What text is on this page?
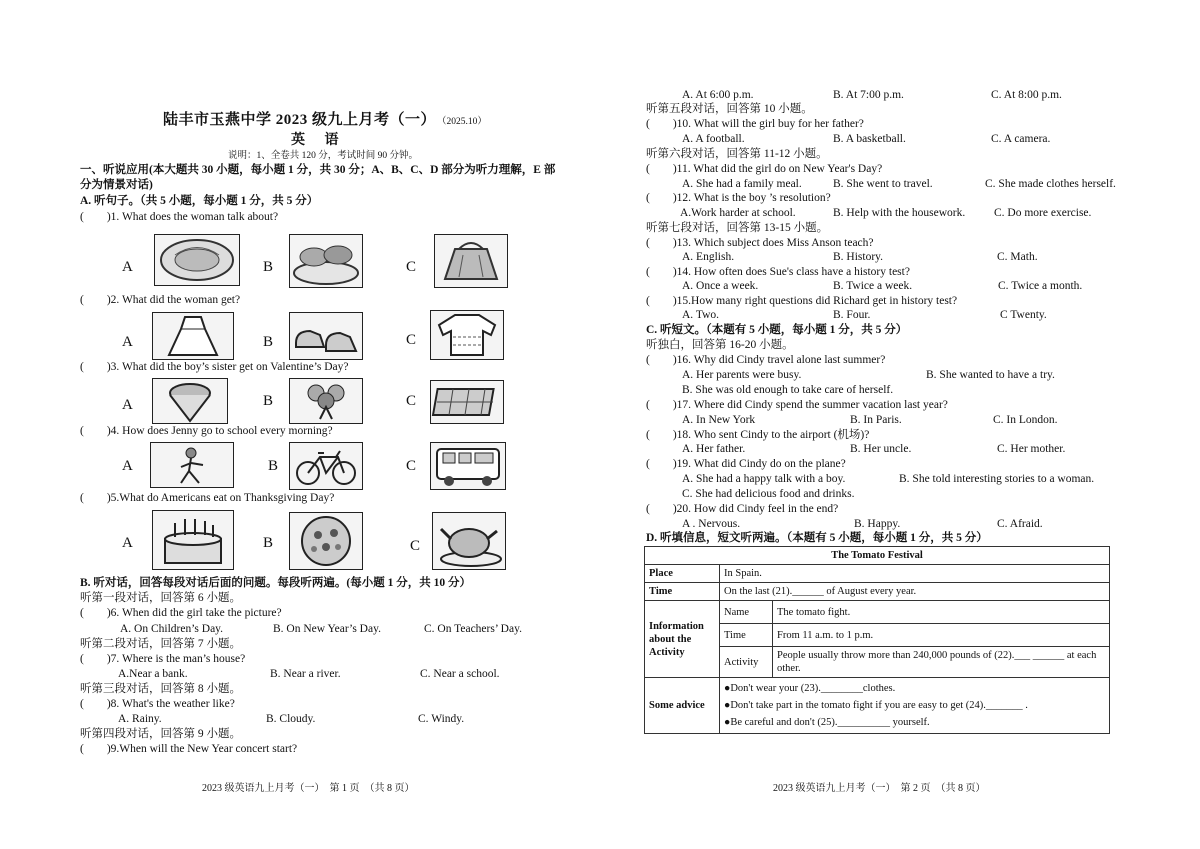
陆丰市玉燕中学 2023 级九上月考（一） （2025.10）
英 语
说明：1、全卷共 120 分，考试时间 90 分钟。
一、听说应用(本大题共 30 小题，每小题 1 分，共 30 分；A、B、C、D 部分为听力理解，E 部
分为情景对话)
A. 听句子。（共 5 小题，每小题 1 分，共 5 分）
(　　)1. What does the woman talk about?
A	B	C
(　　)2. What did the woman get?
A	B	C
(　　)3. What did the boy’s sister get on Valentine’s Day?
A	B	C
(　　)4. How does Jenny go to school every morning?
A	B	C
(　　)5.What do Americans eat on Thanksgiving Day?
A	B	C
B. 听对话，回答每段对话后面的问题。每段听两遍。(每小题 1 分，共 10 分）
听第一段对话，回答第 6 小题。
(　　)6. When did the girl take the picture?
A. On Children’s Day.	B. On New Year’s Day.	C. On Teachers’ Day.
听第二段对话，回答第 7 小题。
(　　)7. Where is the man’s house?
A.Near a bank.	B. Near a river.	C. Near a school.
听第三段对话，回答第 8 小题。
(　　)8. What's the weather like?
A. Rainy.	B. Cloudy.	C. Windy.
听第四段对话，回答第 9 小题。
(　　)9.When will the New Year concert start?
2023 级英语九上月考（一）　第 1 页　（共 8 页）
A. At 6:00 p.m.	B. At 7:00 p.m.	C. At 8:00 p.m.
听第五段对话，回答第 10 小题。
(　　)10. What will the girl buy for her father?
A. A football.	B. A basketball.	C. A camera.
听第六段对话，回答第 11-12 小题。
(　　)11. What did the girl do on New Year's Day?
A. She had a family meal.	B. She went to travel.	C. She made clothes herself.
(　　)12. What is the boy ’s resolution?
A.Work harder at school.	B. Help with the housework.	C. Do more exercise.
听第七段对话，回答第 13-15 小题。
(　　)13. Which subject does Miss Anson teach?
A. English.	B. History.	C. Math.
(　　)14. How often does Sue's class have a history test?
A. Once a week.	B. Twice a week.	C. Twice a month.
(　　)15.How many right questions did Richard get in history test?
A. Two.	B. Four.	C Twenty.
C. 听短文。（本题有 5 小题，每小题 1 分，共 5 分）
听独白，回答第 16-20 小题。
(　　)16. Why did Cindy travel alone last summer?
A. Her parents were busy.	B. She wanted to have a try.
B. She was old enough to take care of herself.
(　　)17. Where did Cindy spend the summer vacation last year?
A. In New York	B. In Paris.	C. In London.
(　　)18. Who sent Cindy to the airport (机场)?
A. Her father.	B. Her uncle.	C. Her mother.
(　　)19. What did Cindy do on the plane?
A. She had a happy talk with a boy.	B. She told interesting stories to a woman.
C. She had delicious food and drinks.
(　　)20. How did Cindy feel in the end?
A . Nervous.	B. Happy.	C. Afraid.
D. 听填信息，短文听两遍。（本题有 5 小题，每小题 1 分，共 5 分）
The Tomato Festival		
Place	In Spain.	
Time	On the last (21).______ of August every year.	
Information about the Activity	Name	The tomato fight.
	Time	From 11 a.m. to 1 p.m.
	Activity	People usually throw more than 240,000 pounds of (22).___ ______ at each other.
Some advice	●Don't wear your (23).________clothes.
●Don't take part in the tomato fight if you are easy to get (24)._______ .
●Be careful and don't (25).__________ yourself.	
2023 级英语九上月考（一）　第 2 页　（共 8 页）
